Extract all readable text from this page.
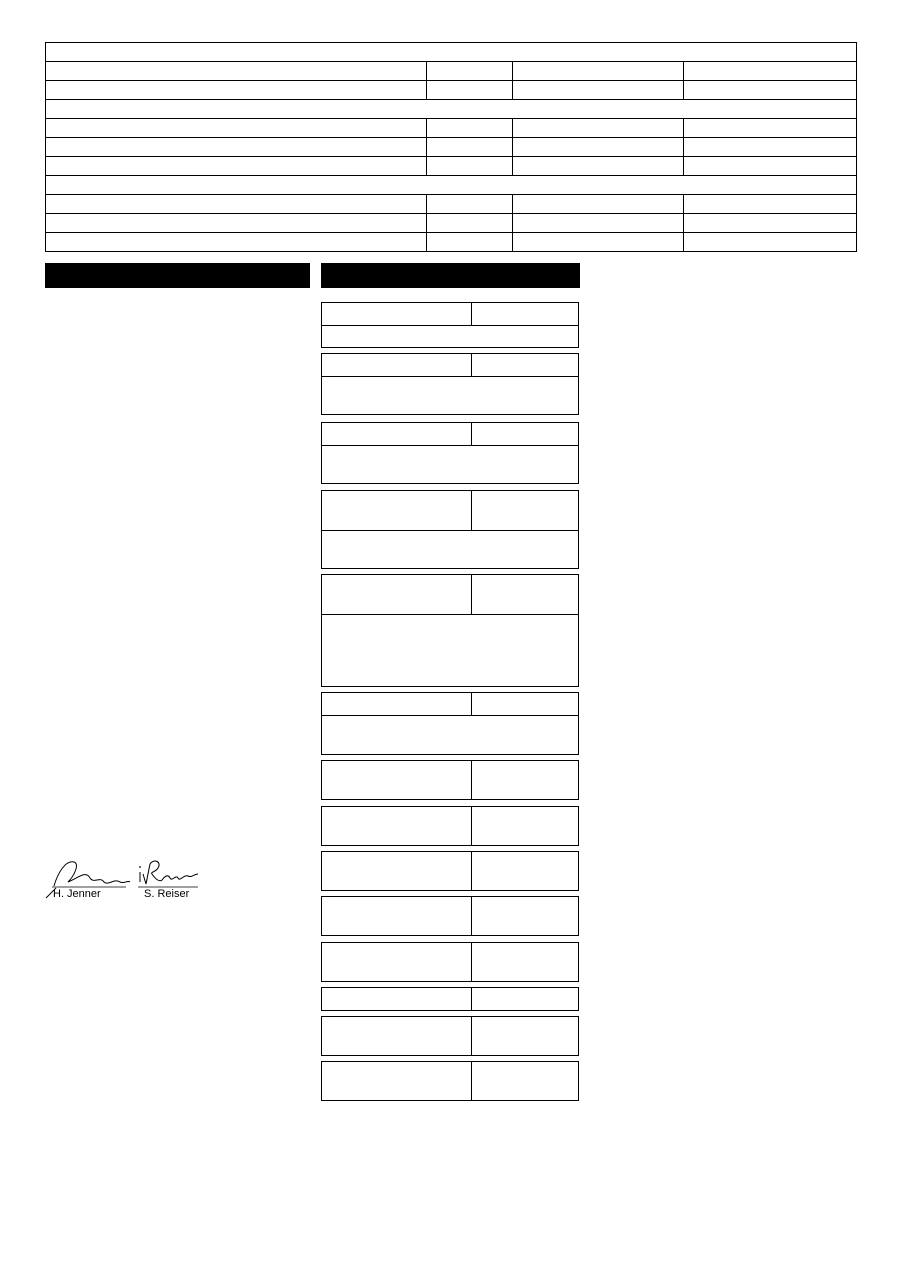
H. Jenner	S. Reiser
